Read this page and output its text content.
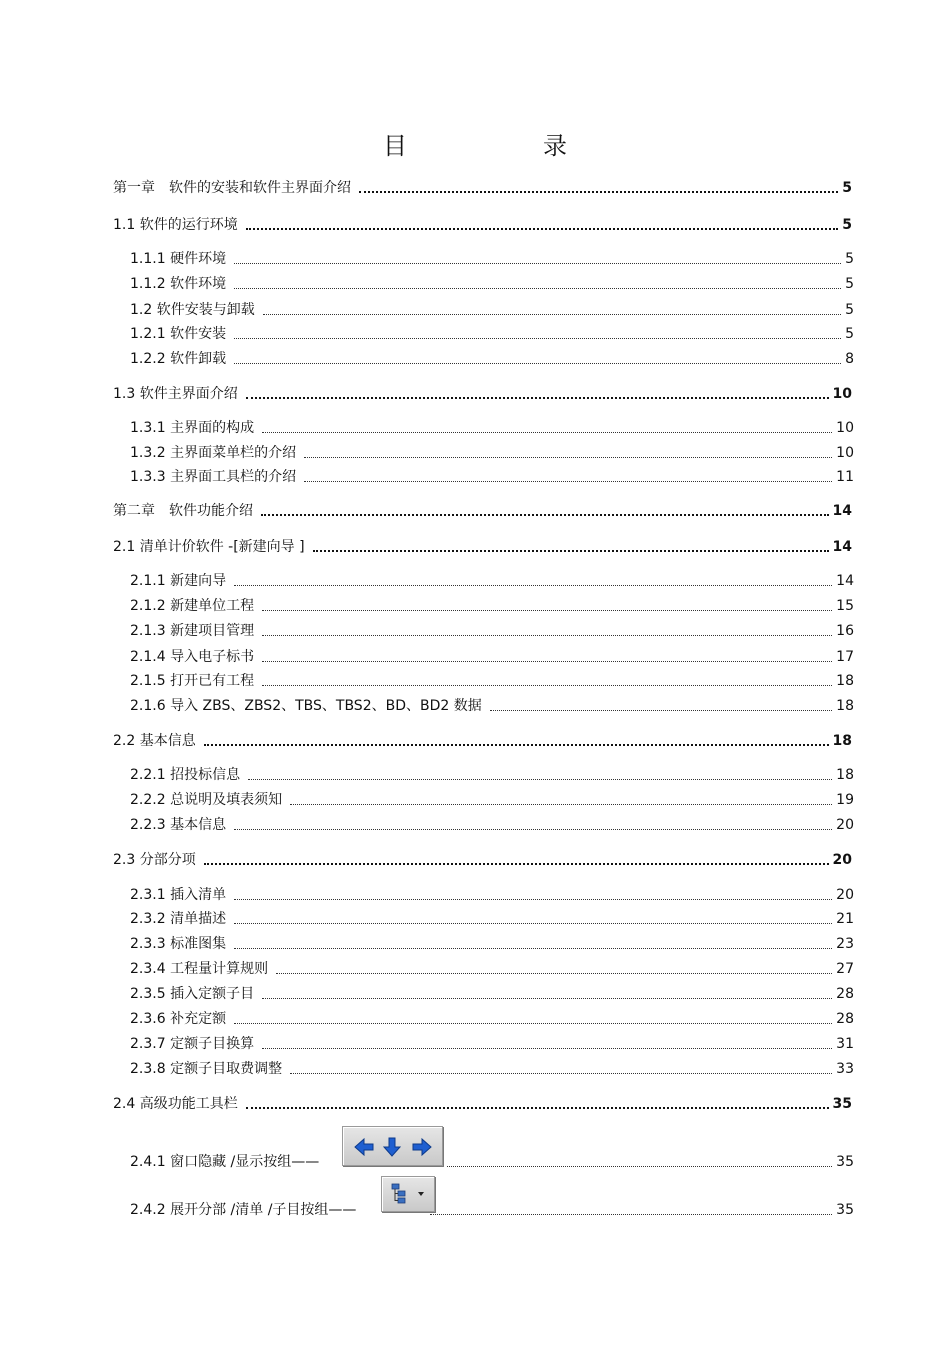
目　录
第一章　软件的安装和软件主界面介绍	5
1.1 软件的运行环境	5
1.1.1 硬件环境	5
1.1.2 软件环境	5
1.2 软件安装与卸载	5
1.2.1 软件安装	5
1.2.2 软件卸载	8
1.3 软件主界面介绍	10
1.3.1 主界面的构成	10
1.3.2 主界面菜单栏的介绍	10
1.3.3 主界面工具栏的介绍	11
第二章　软件功能介绍	14
2.1 清单计价软件 -[新建向导 ]	14
2.1.1 新建向导	14
2.1.2 新建单位工程	15
2.1.3 新建项目管理	16
2.1.4 导入电子标书	17
2.1.5 打开已有工程	18
2.1.6 导入 ZBS、ZBS2、TBS、TBS2、BD、BD2 数据	18
2.2 基本信息	18
2.2.1 招投标信息	18
2.2.2 总说明及填表须知	19
2.2.3 基本信息	20
2.3 分部分项	20
2.3.1 插入清单	20
2.3.2 清单描述	21
2.3.3 标准图集	23
2.3.4 工程量计算规则	27
2.3.5 插入定额子目	28
2.3.6 补充定额	28
2.3.7 定额子目换算	31
2.3.8 定额子目取费调整	33
2.4 高级功能工具栏	35
2.4.1 窗口隐藏 /显示按组——	35
2.4.2 展开分部 /清单 /子目按组——	35
